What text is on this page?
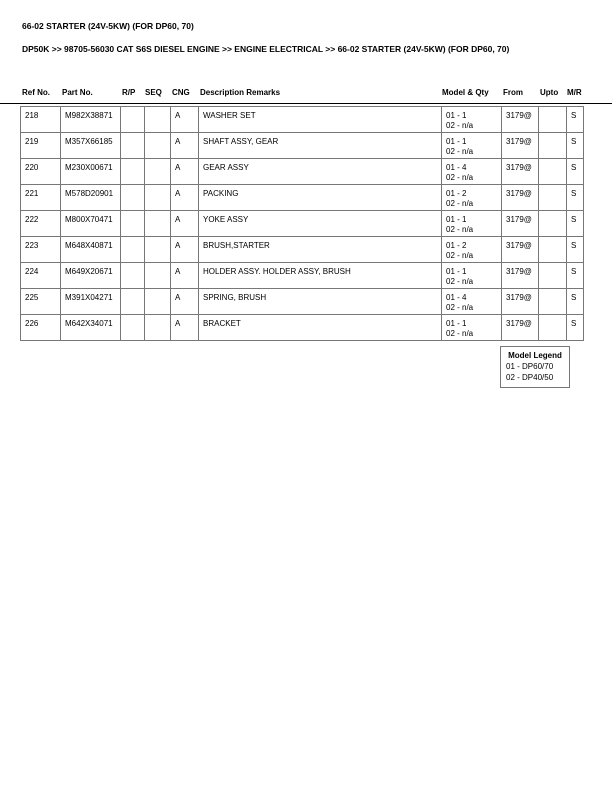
66-02 STARTER (24V-5KW) (FOR DP60, 70)
DP50K >> 98705-56030 CAT S6S DIESEL ENGINE >> ENGINE ELECTRICAL >> 66-02 STARTER (24V-5KW) (FOR DP60, 70)
Ref No. Part No.	R/P SEQ CNG Description Remarks	Model & Qty From Upto M/R
218	M982X38871			A	WASHER SET	01 - 1
02 - n/a	3179@		S
219	M357X66185			A	SHAFT ASSY, GEAR	01 - 1
02 - n/a	3179@		S
220	M230X00671			A	GEAR ASSY	01 - 4
02 - n/a	3179@		S
221	M578D20901			A	PACKING	01 - 2
02 - n/a	3179@		S
222	M800X70471			A	YOKE ASSY	01 - 1
02 - n/a	3179@		S
223	M648X40871			A	BRUSH,STARTER	01 - 2
02 - n/a	3179@		S
224	M649X20671			A	HOLDER ASSY. HOLDER ASSY, BRUSH	01 - 1
02 - n/a	3179@		S
225	M391X04271			A	SPRING, BRUSH	01 - 4
02 - n/a	3179@		S
226	M642X34071			A	BRACKET	01 - 1
02 - n/a	3179@		S
Model Legend
01 - DP60/70
02 - DP40/50
